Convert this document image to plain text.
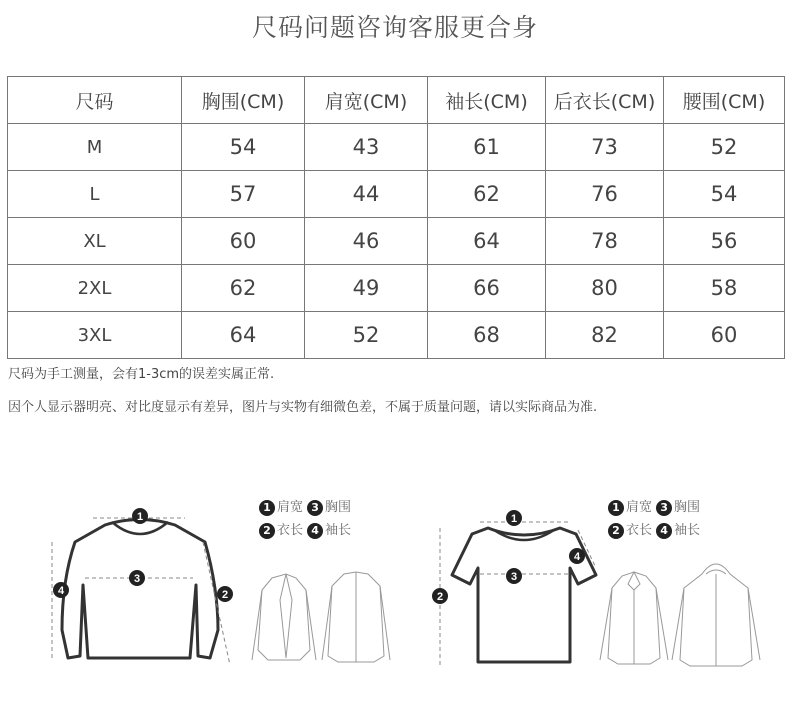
尺码问题咨询客服更合身
尺码	胸围(CM)	肩宽(CM)	袖长(CM)	后衣长(CM)	腰围(CM)
M	54	43	61	73	52
L	57	44	62	76	54
XL	60	46	64	78	56
2XL	62	49	66	80	58
3XL	64	52	68	82	60
尺码为手工测量，会有1-3cm的误差实属正常.
因个人显示器明亮、对比度显示有差异，图片与实物有细微色差，不属于质量问题，请以实际商品为准.
1
3
4	2
1
3
4
2
1 肩宽 3 胸围
2 衣长 4 袖长
1 肩宽 3 胸围
2 衣长 4 袖长
